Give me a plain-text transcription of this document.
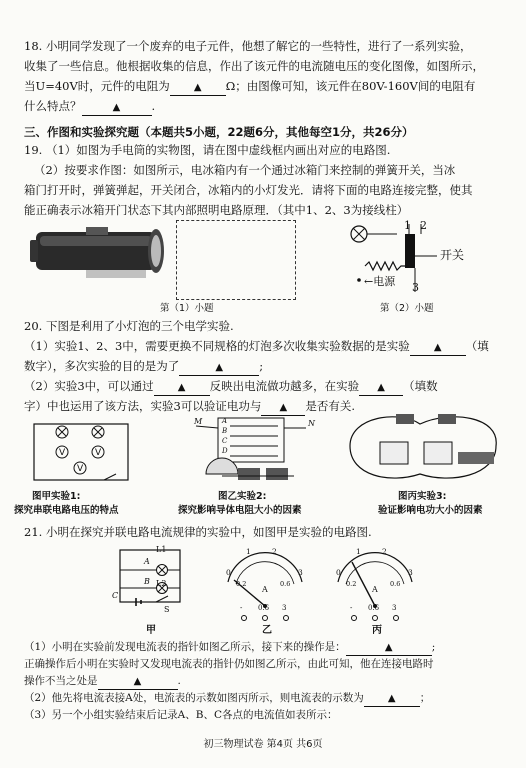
18. 小明同学发现了一个废弃的电子元件，他想了解它的一些特性，进行了一系列实验，

收集了一些信息。他根据收集的信息，作出了该元件的电流随电压的变化图像，如图所示，

当U=40V时，元件的电阻为 ▲ Ω；由图像可知，该元件在80V-160V间的电阻有

什么特点？	▲	.

三、作图和实验探究题（本题共5小题，22题6分，其他每空1分，共26分）

19. （1）如图为手电筒的实物图，请在图中虚线框内画出对应的电路图.

（2）按要求作图：如图所示，电冰箱内有一个通过冰箱门来控制的弹簧开关，当冰

箱门打开时，弹簧弹起，开关闭合，冰箱内的小灯发光．请将下面的电路连接完整，使其

能正确表示冰箱开门状态下其内部照明电路原理．（其中1、2、3为接线柱）

1 2
3
开关
←电源
第（1）小题	第（2）小题

20. 下图是利用了小灯泡的三个电学实验.

（1）实验1、2、3中，需要更换不同规格的灯泡多次收集实验数据的是实验 ▲ （填

数字），多次实验的目的是为了	▲	;

（2）实验3中，可以通过 ▲ 反映出电流做功越多，在实验 ▲ （填数

字）中也运用了该方法，实验3可以验证电功与 ▲ 是否有关.

V	V
V
M	N
A
B
C
D
图甲实验1:
探究串联电路电压的特点
图乙实验2:
探究影响导体电阻大小的因素
图丙实验3:
验证影响电功大小的因素

21. 小明在探究并联电路电流规律的实验中，如图甲是实验的电路图.

L1
L2
A
B
C
S
0
1	2
3
0.2	0.6
A
- 0.6 3
0
1	2
3
0.2	0.6
A
- 0.6 3
甲	乙	丙

（1）小明在实验前发现电流表的指针如图乙所示，接下来的操作是：	▲	;

正确操作后小明在实验时又发现电流表的指针仍如图乙所示，由此可知，他在连接电路时

操作不当之处是	▲	.

（2）他先将电流表接A处，电流表的示数如图丙所示，则电流表的示数为 ▲ ；

（3）另一个小组实验结束后记录A、B、C各点的电流值如表所示：

初三物理试卷 第4页 共6页
